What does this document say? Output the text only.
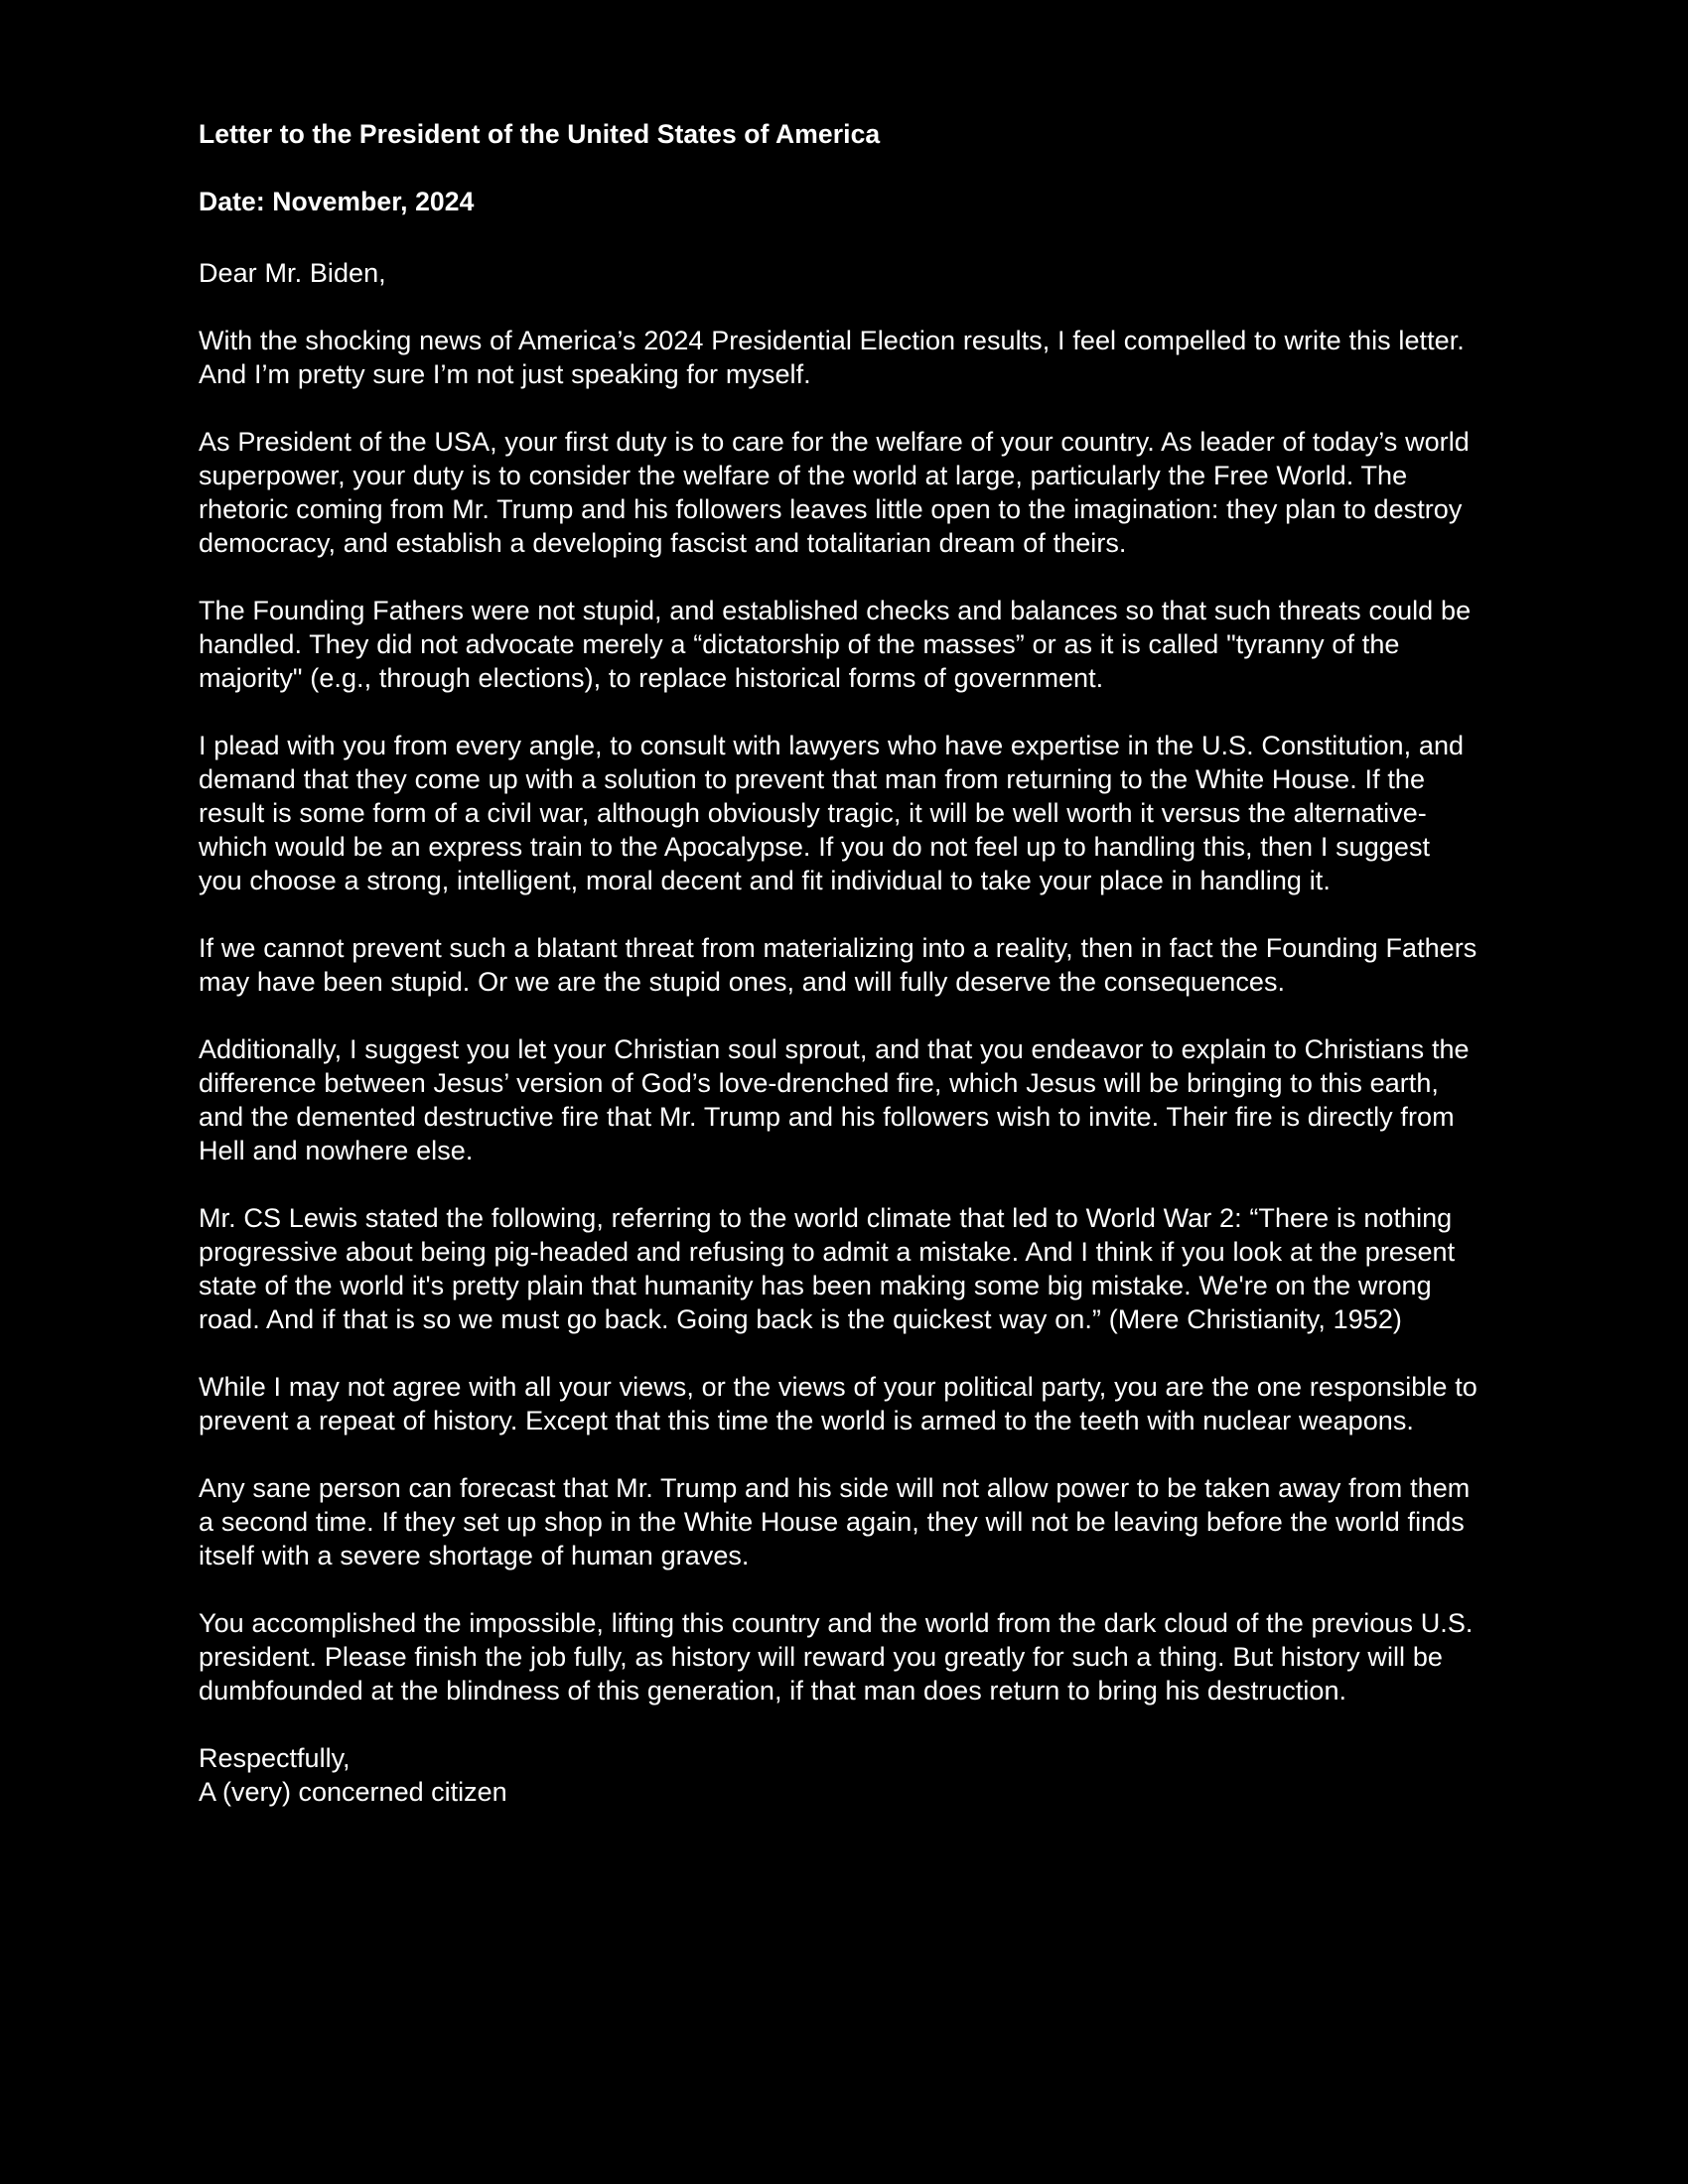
Letter to the President of the United States of America
Date: November, 2024

Dear Mr. Biden,

With the shocking news of America’s 2024 Presidential Election results, I feel compelled to write this letter. And I’m pretty sure I’m not just speaking for myself.

As President of the USA, your first duty is to care for the welfare of your country. As leader of today’s world superpower, your duty is to consider the welfare of the world at large, particularly the Free World. The rhetoric coming from Mr. Trump and his followers leaves little open to the imagination: they plan to destroy democracy, and establish a developing fascist and totalitarian dream of theirs.

The Founding Fathers were not stupid, and established checks and balances so that such threats could be handled. They did not advocate merely a “dictatorship of the masses” or as it is called "tyranny of the majority" (e.g., through elections), to replace historical forms of government.

I plead with you from every angle, to consult with lawyers who have expertise in the U.S. Constitution, and demand that they come up with a solution to prevent that man from returning to the White House. If the result is some form of a civil war, although obviously tragic, it will be well worth it versus the alternative- which would be an express train to the Apocalypse. If you do not feel up to handling this, then I suggest you choose a strong, intelligent, moral decent and fit individual to take your place in handling it.

If we cannot prevent such a blatant threat from materializing into a reality, then in fact the Founding Fathers may have been stupid. Or we are the stupid ones, and will fully deserve the consequences.

Additionally, I suggest you let your Christian soul sprout, and that you endeavor to explain to Christians the difference between Jesus’ version of God’s love-drenched fire, which Jesus will be bringing to this earth, and the demented destructive fire that Mr. Trump and his followers wish to invite. Their fire is directly from Hell and nowhere else.

Mr. CS Lewis stated the following, referring to the world climate that led to World War 2: “There is nothing progressive about being pig-headed and refusing to admit a mistake. And I think if you look at the present state of the world it's pretty plain that humanity has been making some big mistake. We're on the wrong road. And if that is so we must go back. Going back is the quickest way on.” (Mere Christianity, 1952)

While I may not agree with all your views, or the views of your political party, you are the one responsible to prevent a repeat of history. Except that this time the world is armed to the teeth with nuclear weapons.

Any sane person can forecast that Mr. Trump and his side will not allow power to be taken away from them a second time. If they set up shop in the White House again, they will not be leaving before the world finds itself with a severe shortage of human graves.

You accomplished the impossible, lifting this country and the world from the dark cloud of the previous U.S. president. Please finish the job fully, as history will reward you greatly for such a thing. But history will be dumbfounded at the blindness of this generation, if that man does return to bring his destruction.

Respectfully,
A (very) concerned citizen
